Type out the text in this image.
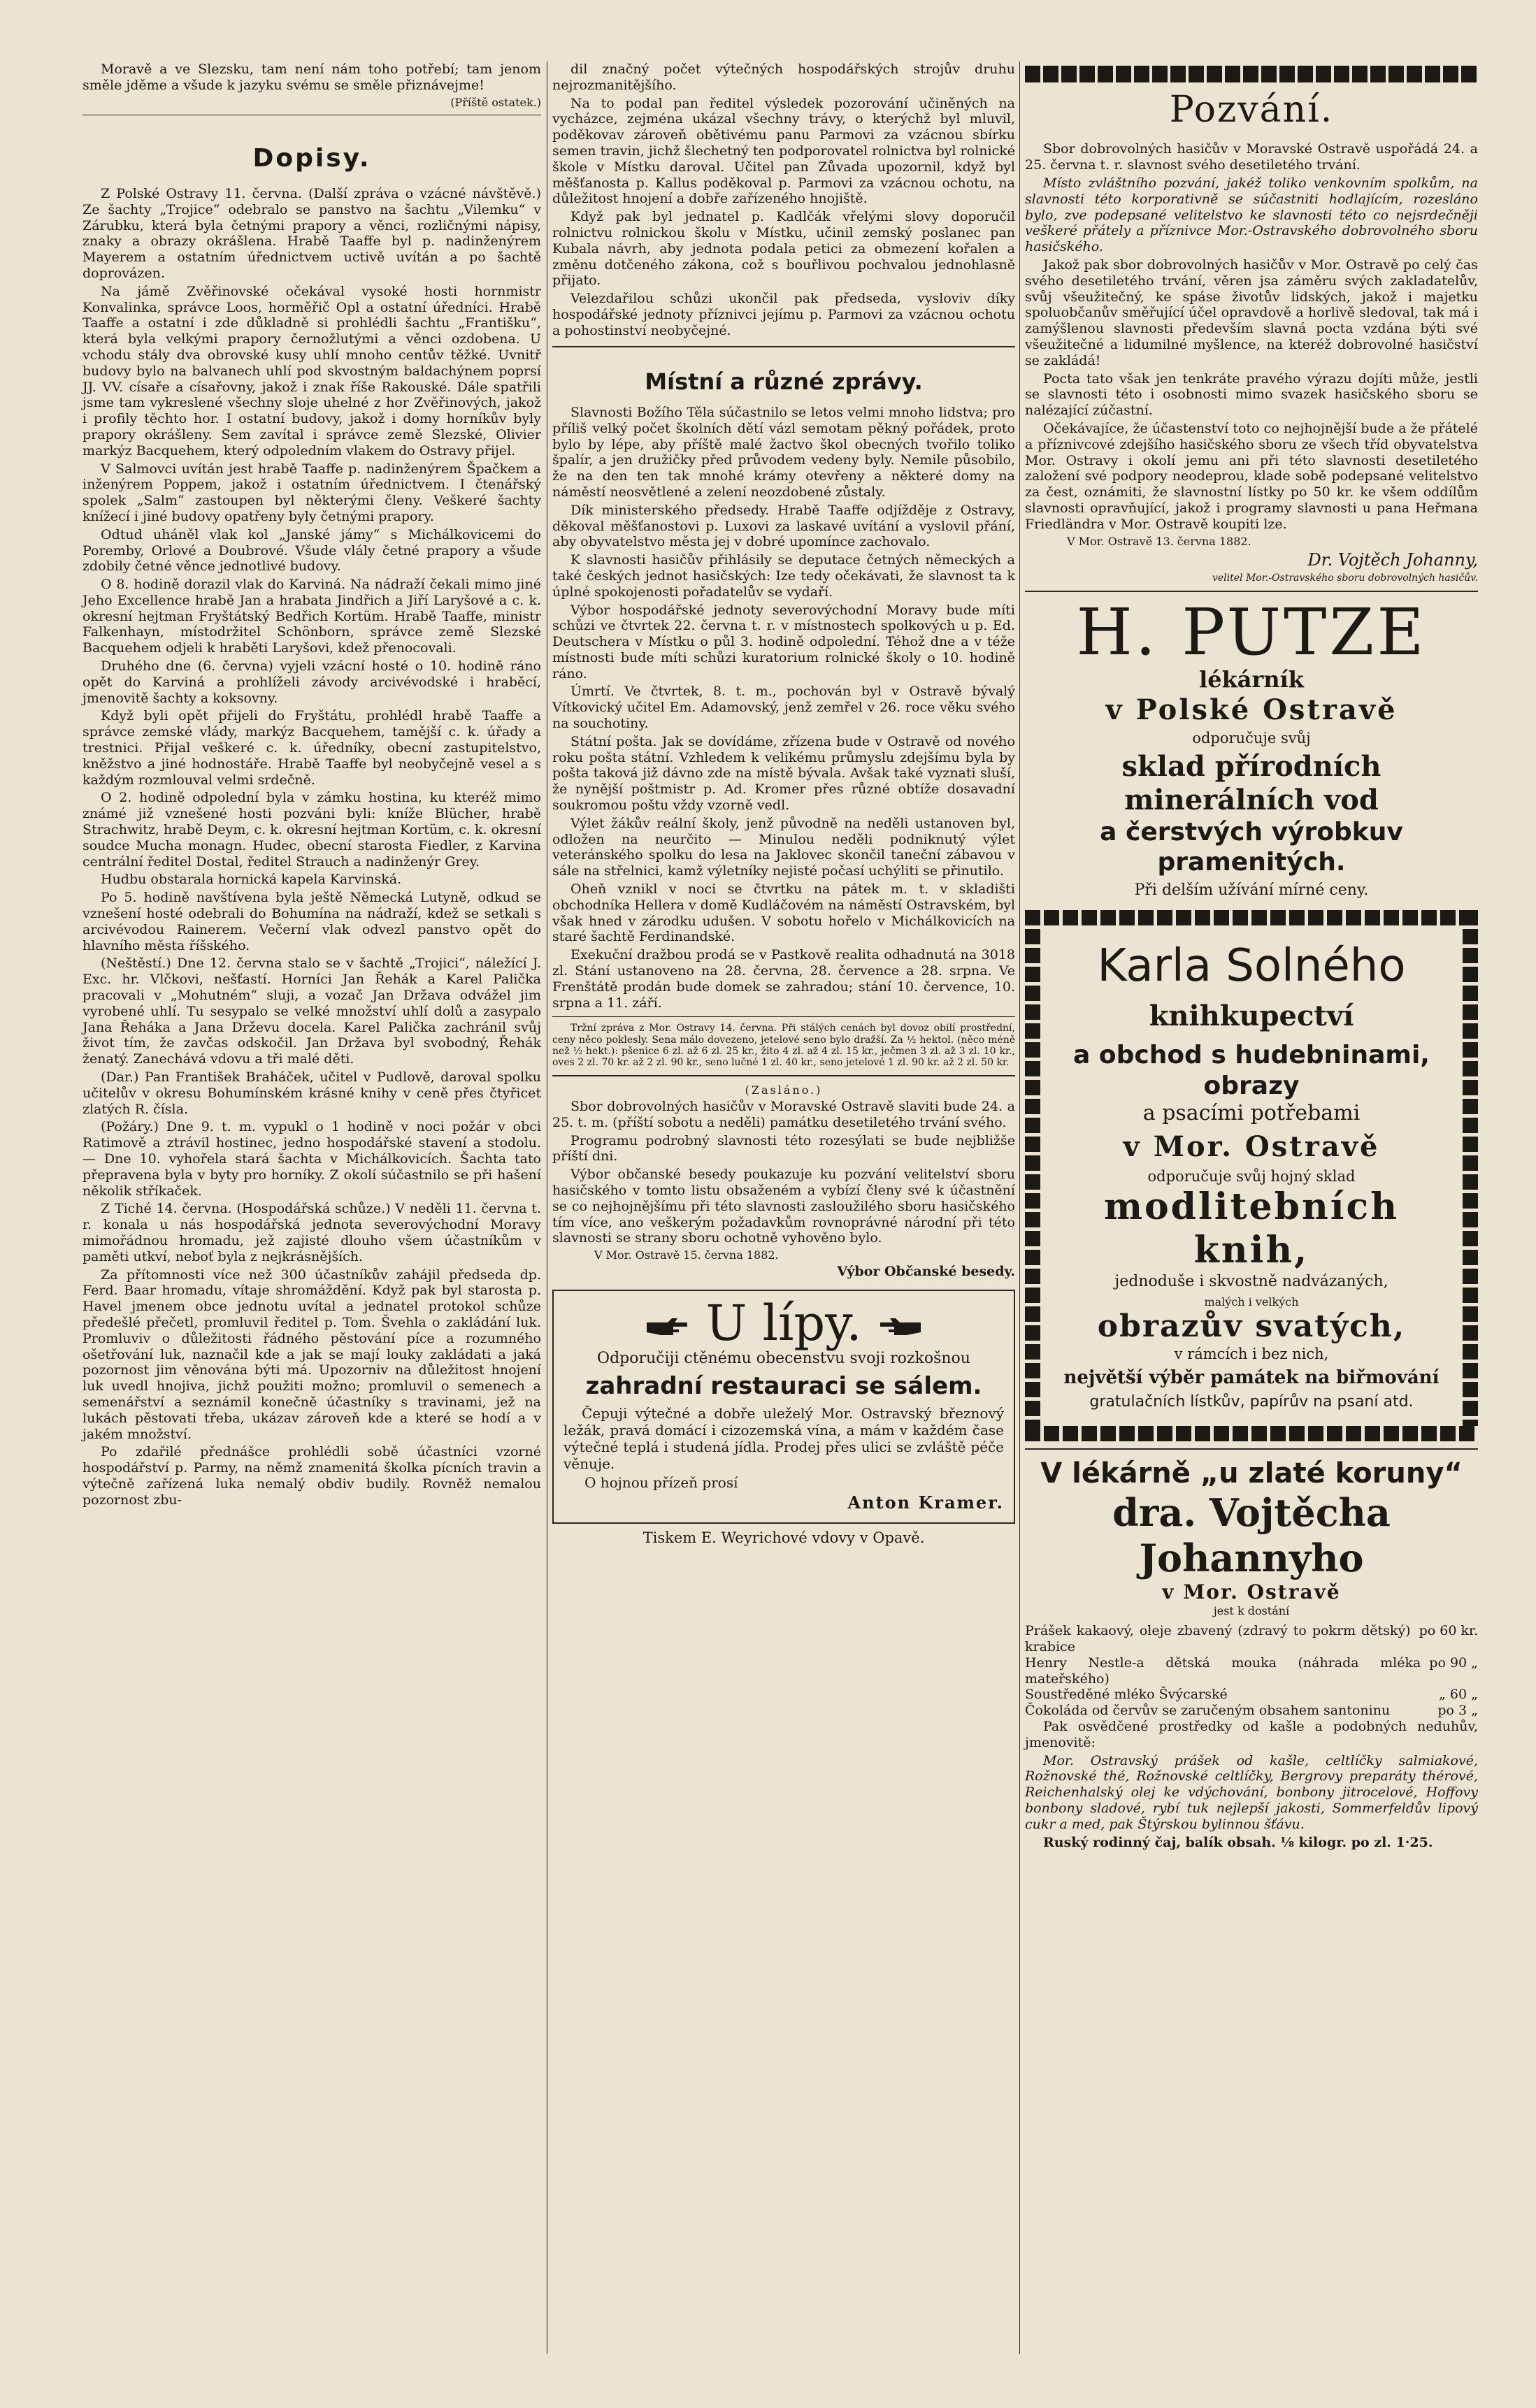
Moravě a ve Slezsku, tam není nám toho potřebí; tam jenom směle jděme a všude k jazyku svému se směle přiznávejme!

(Příště ostatek.)

Dopisy.

Z Polské Ostravy 11. června. (Další zpráva o vzácné návštěvě.) Ze šachty „Trojice“ odebralo se panstvo na šachtu „Vilemku“ v Zárubku, která byla četnými prapory a věnci, rozličnými nápisy, znaky a obrazy okrášlena. Hrabě Taaffe byl p. nadinženýrem Mayerem a ostatním úřednictvem uctivě uvítán a po šachtě doprovázen.

Na jámě Zvěřinovské očekával vysoké hosti hornmistr Konvalinka, správce Loos, horměřič Opl a ostatní úředníci. Hrabě Taaffe a ostatní i zde důkladně si prohlédli šachtu „Františku“, která byla velkými prapory černožlutými a věnci ozdobena. U vchodu stály dva obrovské kusy uhlí mnoho centův těžké. Uvnitř budovy bylo na balvanech uhlí pod skvostným baldachýnem poprsí JJ. VV. císaře a císařovny, jakož i znak říše Rakouské. Dále spatřili jsme tam vykreslené všechny sloje uhelné z hor Zvěřinových, jakož i profily těchto hor. I ostatní budovy, jakož i domy horníkův byly prapory okrášleny. Sem zavítal i správce země Slezské, Olivier markýz Bacquehem, který odpoledním vlakem do Ostravy přijel.

V Salmovci uvítán jest hrabě Taaffe p. nadinženýrem Špačkem a inženýrem Poppem, jakož i ostatním úřednictvem. I čtenářský spolek „Salm“ zastoupen byl některými členy. Veškeré šachty knížecí i jiné budovy opatřeny byly četnými prapory.

Odtud uháněl vlak kol „Janské jámy“ s Michálkovicemi do Poremby, Orlové a Doubrové. Všude vlály četné prapory a všude zdobily četné věnce jednotlivé budovy.

O 8. hodině dorazil vlak do Karviná. Na nádraží čekali mimo jiné Jeho Excellence hrabě Jan a hrabata Jindřich a Jiří Laryšové a c. k. okresní hejtman Fryštátský Bedřich Kortüm. Hrabě Taaffe, ministr Falkenhayn, místodržitel Schönborn, správce země Slezské Bacquehem odjeli k hraběti Laryšovi, kdež přenocovali.

Druhého dne (6. června) vyjeli vzácní hosté o 10. hodině ráno opět do Karviná a prohlíželi závody arcivévodské i hraběcí, jmenovitě šachty a koksovny.

Když byli opět přijeli do Fryštátu, prohlédl hrabě Taaffe a správce zemské vlády, markýz Bacquehem, tamější c. k. úřady a trestnici. Přijal veškeré c. k. úředníky, obecní zastupitelstvo, kněžstvo a jiné hodnostáře. Hrabě Taaffe byl neobyčejně vesel a s každým rozmlouval velmi srdečně.

O 2. hodině odpolední byla v zámku hostina, ku kteréž mimo známé již vznešené hosti pozváni byli: kníže Blücher, hrabě Strachwitz, hrabě Deym, c. k. okresní hejtman Kortüm, c. k. okresní soudce Mucha monagn. Hudec, obecní starosta Fiedler, z Karvina centrální ředitel Dostal, ředitel Strauch a nadinženýr Grey.

Hudbu obstarala hornická kapela Karvinská.

Po 5. hodině navštívena byla ještě Německá Lutyně, odkud se vznešení hosté odebrali do Bohumína na nádraží, kdež se setkali s arcivévodou Rainerem. Večerní vlak odvezl panstvo opět do hlavního města říšského.

(Neštěstí.) Dne 12. června stalo se v šachtě „Trojici“, náležící J. Exc. hr. Vlčkovi, nešťastí. Horníci Jan Řehák a Karel Palička pracovali v „Mohutném“ sluji, a vozač Jan Država odvážel jim vyrobené uhlí. Tu sesypalo se velké množství uhlí dolů a zasypalo Jana Řeháka a Jana Drževu docela. Karel Palička zachránil svůj život tím, že zavčas odskočil. Jan Država byl svobodný, Řehák ženatý. Zanechává vdovu a tři malé děti.

(Dar.) Pan František Braháček, učitel v Pudlově, daroval spolku učitelův v okresu Bohumínském krásné knihy v ceně přes čtyřicet zlatých R. čísla.

(Požáry.) Dne 9. t. m. vypukl o 1 hodině v noci požár v obci Ratimově a ztrávil hostinec, jedno hospodářské stavení a stodolu. — Dne 10. vyhořela stará šachta v Michálkovicích. Šachta tato přepravena byla v byty pro horníky. Z okolí súčastnilo se při hašení několik stříkaček.

Z Tiché 14. června. (Hospodářská schůze.) V neděli 11. června t. r. konala u nás hospodářská jednota severovýchodní Moravy mimořádnou hromadu, jež zajisté dlouho všem účastníkům v paměti utkví, neboť byla z nejkrásnějších.

Za přítomnosti více než 300 účastníkův zahájil předseda dp. Ferd. Baar hromadu, vítaje shromáždění. Když pak byl starosta p. Havel jmenem obce jednotu uvítal a jednatel protokol schůze předešlé přečetl, promluvil ředitel p. Tom. Švehla o zakládání luk. Promluviv o důležitosti řádného pěstování píce a rozumného ošetřování luk, naznačil kde a jak se mají louky zakládati a jaká pozornost jim věnována býti má. Upozorniv na důležitost hnojení luk uvedl hnojiva, jichž použiti možno; promluvil o semenech a semenářství a seznámil konečně účastníky s travinami, jež na lukách pěstovati třeba, ukázav zároveň kde a které se hodí a v jakém množství.

Po zdařilé přednášce prohlédli sobě účastníci vzorné hospodářství p. Parmy, na němž znamenitá školka pícních travin a výtečně zařízená luka nemalý obdiv budily. Rovněž nemalou pozornost zbu-

dil značný počet výtečných hospodářských strojův druhu nejrozmanitějšího.

Na to podal pan ředitel výsledek pozorování učiněných na vycházce, zejména ukázal všechny trávy, o kterýchž byl mluvil, poděkovav zároveň obětivému panu Parmovi za vzácnou sbírku semen travin, jichž šlechetný ten podporovatel rolnictva byl rolnické škole v Místku daroval. Učitel pan Zůvada upozornil, když byl měšťanosta p. Kallus poděkoval p. Parmovi za vzácnou ochotu, na důležitost hnojení a dobře zařízeného hnojiště.

Když pak byl jednatel p. Kadlčák vřelými slovy doporučil rolnictvu rolnickou školu v Místku, učinil zemský poslanec pan Kubala návrh, aby jednota podala petici za obmezení kořalen a změnu dotčeného zákona, což s bouřlivou pochvalou jednohlasně přijato.

Velezdařilou schůzi ukončil pak předseda, vysloviv díky hospodářské jednoty příznivci jejímu p. Parmovi za vzácnou ochotu a pohostinství neobyčejné.

Místní a různé zprávy.

Slavnosti Božího Těla súčastnilo se letos velmi mnoho lidstva; pro příliš velký počet školních dětí vázl semotam pěkný pořádek, proto bylo by lépe, aby příště malé žactvo škol obecných tvořilo toliko špalír, a jen družičky před průvodem vedeny byly. Nemile působilo, že na den ten tak mnohé krámy otevřeny a některé domy na náměstí neosvětlené a zelení neozdobené zůstaly.

Dík ministerského předsedy. Hrabě Taaffe odjížděje z Ostravy, děkoval měšťanostovi p. Luxovi za laskavé uvítání a vyslovil přání, aby obyvatelstvo města jej v dobré upomínce zachovalo.

K slavnosti hasičův přihlásily se deputace četných německých a také českých jednot hasičských: Ize tedy očekávati, že slavnost ta k úplné spokojenosti pořadatelův se vydaří.

Výbor hospodářské jednoty severovýchodní Moravy bude míti schůzi ve čtvrtek 22. června t. r. v místnostech spolkových u p. Ed. Deutschera v Místku o půl 3. hodině odpolední. Téhož dne a v téže místnosti bude míti schůzi kuratorium rolnické školy o 10. hodině ráno.

Úmrtí. Ve čtvrtek, 8. t. m., pochován byl v Ostravě bývalý Vítkovický učitel Em. Adamovský, jenž zemřel v 26. roce věku svého na souchotiny.

Státní pošta. Jak se dovídáme, zřízena bude v Ostravě od nového roku pošta státní. Vzhledem k velikému průmyslu zdejšímu byla by pošta taková již dávno zde na místě bývala. Avšak také vyznati sluší, že nynější poštmistr p. Ad. Kromer přes různé obtíže dosavadní soukromou poštu vždy vzorně vedl.

Výlet žákův reální školy, jenž původně na neděli ustanoven byl, odložen na neurčito — Minulou neděli podniknutý výlet veteránského spolku do lesa na Jaklovec skončil taneční zábavou v sále na střelnici, kamž výletníky nejisté počasí uchýliti se přinutilo.

Oheň vznikl v noci se čtvrtku na pátek m. t. v skladišti obchodníka Hellera v domě Kudláčovém na náměstí Ostravském, byl však hned v zárodku udušen. V sobotu hořelo v Michálkovicích na staré šachtě Ferdinandské.

Exekuční dražbou prodá se v Pastkově realita odhadnutá na 3018 zl. Stání ustanoveno na 28. června, 28. července a 28. srpna. Ve Frenštátě prodán bude domek se zahradou; stání 10. července, 10. srpna a 11. září.

Tržní zpráva z Mor. Ostravy 14. června. Při stálých cenách byl dovoz obilí prostřední, ceny něco poklesly. Sena málo dovezeno, jetelové seno bylo dražší. Za ½ hektol. (něco méně než ½ hekt.): pšenice 6 zl. až 6 zl. 25 kr., žito 4 zl. až 4 zl. 15 kr., ječmen 3 zl. až 3 zl. 10 kr., oves 2 zl. 70 kr. až 2 zl. 90 kr., seno lučné 1 zl. 40 kr., seno jetelové 1 zl. 90 kr. až 2 zl. 50 kr.

(Zasláno.)

Sbor dobrovolných hasičův v Moravské Ostravě slaviti bude 24. a 25. t. m. (příští sobotu a neděli) památku desetiletého trvání svého.

Programu podrobný slavnosti této rozesýlati se bude nejbližše příští dni.

Výbor občanské besedy poukazuje ku pozvání velitelství sboru hasičského v tomto listu obsaženém a vybízí členy své k účastnění se co nejhojnějšímu při této slavnosti zasloužilého sboru hasičského tím více, ano veškerým požadavkům rovnoprávné národní při této slavnosti se strany sboru ochotně vyhověno bylo.

V Mor. Ostravě 15. června 1882.

Výbor Občanské besedy.

U lípy.

Odporučiji ctěnému obecenstvu svoji rozkošnou

zahradní restauraci se sálem.

Čepuji výtečné a dobře uleželý Mor. Ostravský březnový ležák, pravá domácí i cizozemská vína, a mám v každém čase výtečné teplá i studená jídla. Prodej přes ulici se zvláště péče věnuje.

O hojnou přízeň prosí

Anton Kramer.

Tiskem E. Weyrichové vdovy v Opavě.

Pozvání.

Sbor dobrovolných hasičův v Moravské Ostravě uspořádá 24. a 25. června t. r. slavnost svého desetiletého trvání.

Místo zvláštního pozvání, jakéž toliko venkovním spolkům, na slavnosti této korporativně se súčastniti hodlajícím, rozesláno bylo, zve podepsané velitelstvo ke slavnosti této co nejsrdečněji veškeré přátely a příznivce Mor.-Ostravského dobrovolného sboru hasičského.

Jakož pak sbor dobrovolných hasičův v Mor. Ostravě po celý čas svého desetiletého trvání, věren jsa záměru svých zakladatelův, svůj všeužitečný, ke spáse životův lidských, jakož i majetku spoluobčanův směřující účel opravdově a horlivě sledoval, tak má i zamýšlenou slavnosti především slavná pocta vzdána býti své všeužitečné a lidumilné myšlence, na kteréž dobrovolné hasičství se zakládá!

Pocta tato však jen tenkráte pravého výrazu dojíti může, jestli se slavnosti této i osobnosti mimo svazek hasičského sboru se nalézající zúčastní.

Očekávajíce, že účastenství toto co nejhojnější bude a že přátelé a příznivcové zdejšího hasičského sboru ze všech tříd obyvatelstva Mor. Ostravy i okolí jemu ani při této slavnosti desetiletého založení své podpory neodeprou, klade sobě podepsané velitelstvo za čest, oznámiti, že slavnostní lístky po 50 kr. ke všem oddílům slavnosti opravňující, jakož i programy slavnosti u pana Heřmana Friedländra v Mor. Ostravě koupiti lze.

V Mor. Ostravě 13. června 1882.

Dr. Vojtěch Johanny,

velitel Mor.-Ostravského sboru dobrovolných hasičův.

H. PUTZE
lékárník
v Polské Ostravě
odporučuje svůj
sklad přírodních minerálních vod
a čerstvých výrobkuv pramenitých.
Při delším užívání mírné ceny.
Karla Solného
knihkupectví
a obchod s hudebninami, obrazy
a psacími potřebami
v Mor. Ostravě
odporučuje svůj hojný sklad
modlitebních knih,
jednoduše i skvostně nadvázaných,
malých i velkých
obrazův svatých,
v rámcích i bez nich,
největší výběr památek na biřmování
gratulačních lístkův, papírův na psaní atd.
V lékárně „u zlaté koruny“
dra. Vojtěcha Johannyho
v Mor. Ostravě
jest k dostání
Prášek kakaový, oleje zbavený (zdravý to pokrm dětský) krabice
po 60 kr.
Henry Nestle-a dětská mouka (náhrada mléka mateřského)
po 90 „
Soustředěné mléko Švýcarské	„ 60 „
Čokoláda od červův se zaručeným obsahem santoninu	po 3 „

Pak osvědčené prostředky od kašle a podobných neduhův, jmenovitě:

Mor. Ostravský prášek od kašle, celtlíčky salmiakové, Rožnovské thé, Rožnovské celtlíčky, Bergrovy preparáty thérové, Reichenhalský olej ke vdýchování, bonbony jitrocelové, Hoffovy bonbony sladové, rybí tuk nejlepší jakosti, Sommerfeldův lipový cukr a med, pak Štýrskou bylinnou šťávu.

Ruský rodinný čaj, balík obsah. ⅛ kilogr. po zl. 1·25.
